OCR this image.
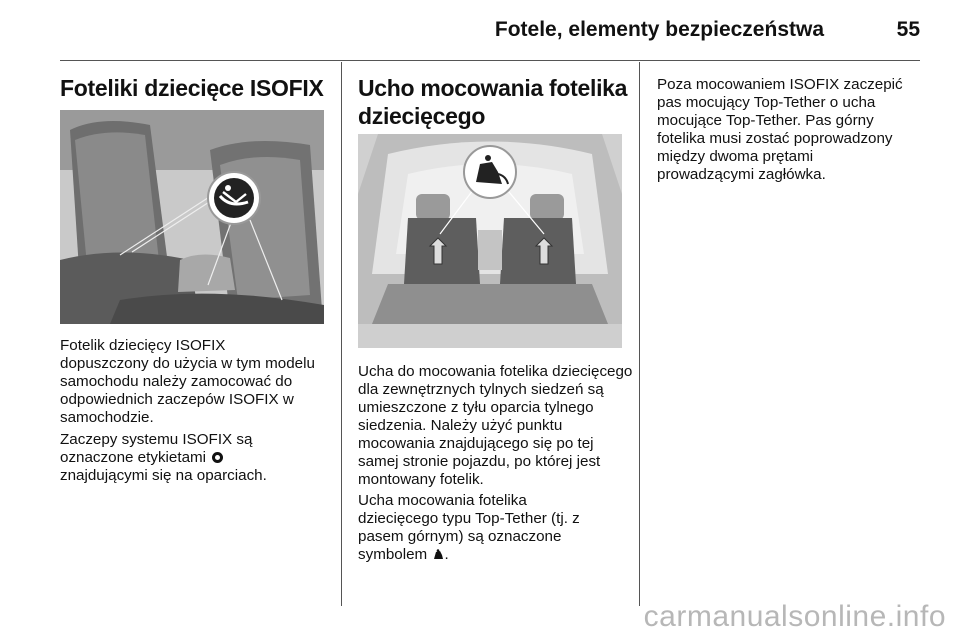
Fotele, elementy bezpieczeństwa	55
Foteliki dziecięce ISOFIX
Fotelik dziecięcy ISOFIX
dopuszczony do użycia w tym modelu
samochodu należy zamocować do
odpowiednich zaczepów ISOFIX w
samochodzie.
Zaczepy systemu ISOFIX są
oznaczone etykietami
znajdującymi się na oparciach.
Ucho mocowania fotelika
dziecięcego
Ucha do mocowania fotelika dziecięcego
dla zewnętrznych tylnych siedzeń są
umieszczone z tyłu oparcia tylnego
siedzenia. Należy użyć punktu
mocowania znajdującego się po tej
samej stronie pojazdu, po której jest
montowany fotelik.
Ucha mocowania fotelika
dziecięcego typu Top-Tether (tj. z
pasem górnym) są oznaczone
symbolem .
Poza mocowaniem ISOFIX zaczepić
pas mocujący Top-Tether o ucha
mocujące Top-Tether. Pas górny
fotelika musi zostać poprowadzony
między dwoma prętami
prowadzącymi zagłówka.
carmanualsonline.info
